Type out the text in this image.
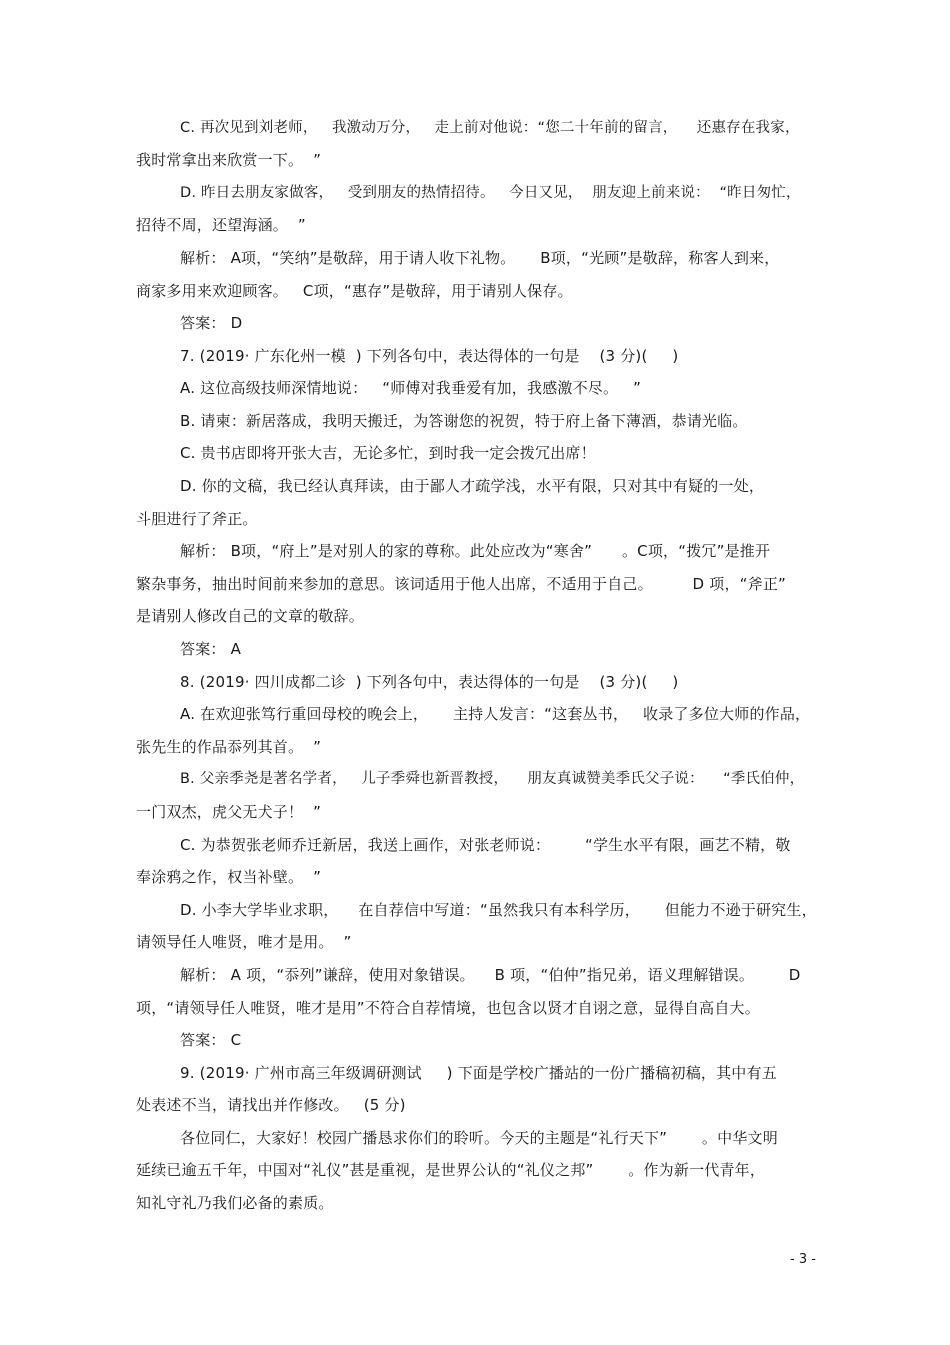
C. 再次见到刘老师，   我激动万分，   走上前对他说：“您二十年前的留言，    还惠存在我家，
我时常拿出来欣赏一下。  ”
D. 昨日去朋友家做客，   受到朋友的热情招待。   今日又见，  朋友迎上前来说：  “昨日匆忙，
招待不周，还望海涵。  ”
解析： A项，“笑纳”是敬辞，用于请人收下礼物。     B项，“光顾”是敬辞，称客人到来，
商家多用来欢迎顾客。   C项，“惠存”是敬辞，用于请别人保存。
答案： D
7. (2019· 广东化州一模  ) 下列各句中，表达得体的一句是    (3 分)(     )
A. 这位高级技师深情地说：   “师傅对我垂爱有加，我感激不尽。   ”
B. 请柬：新居落成，我明天搬迁，为答谢您的祝贺，特于府上备下薄酒，恭请光临。
C. 贵书店即将开张大吉，无论多忙，到时我一定会拨冗出席！
D. 你的文稿，我已经认真拜读，由于鄙人才疏学浅，水平有限，只对其中有疑的一处，
斗胆进行了斧正。
解析： B项，“府上”是对别人的家的尊称。此处应改为“寒舍”      。C项，“拨冗”是推开
繁杂事务，抽出时间前来参加的意思。该词适用于他人出席，不适用于自己。        D 项，“斧正”
是请别人修改自己的文章的敬辞。
答案： A
8. (2019· 四川成都二诊  ) 下列各句中，表达得体的一句是    (3 分)(     )
A. 在欢迎张笃行重回母校的晚会上，     主持人发言：“这套丛书，   收录了多位大师的作品，
张先生的作品忝列其首。  ”
B. 父亲季尧是著名学者，   儿子季舜也新晋教授，    朋友真诚赞美季氏父子说：    “季氏伯仲，
一门双杰，虎父无犬子！  ”
C. 为恭贺张老师乔迁新居，我送上画作，对张老师说：       “学生水平有限，画艺不精，敬
奉涂鸦之作，权当补壁。  ”
D. 小李大学毕业求职，    在自荐信中写道：“虽然我只有本科学历，     但能力不逊于研究生，
请领导任人唯贤，唯才是用。  ”
解析： A 项，“忝列”谦辞，使用对象错误。    B 项，“伯仲”指兄弟，语义理解错误。       D
项，“请领导任人唯贤，唯才是用”不符合自荐情境，也包含以贤才自诩之意，显得自高自大。
答案： C
9. (2019· 广州市高三年级调研测试     ) 下面是学校广播站的一份广播稿初稿，其中有五
处表述不当，请找出并作修改。   (5 分)
各位同仁，大家好！校园广播恳求你们的聆听。今天的主题是“礼行天下”       。中华文明
延续已逾五千年，中国对“礼仪”甚是重视，是世界公认的“礼仪之邦”       。作为新一代青年，
知礼守礼乃我们必备的素质。
- 3 -
